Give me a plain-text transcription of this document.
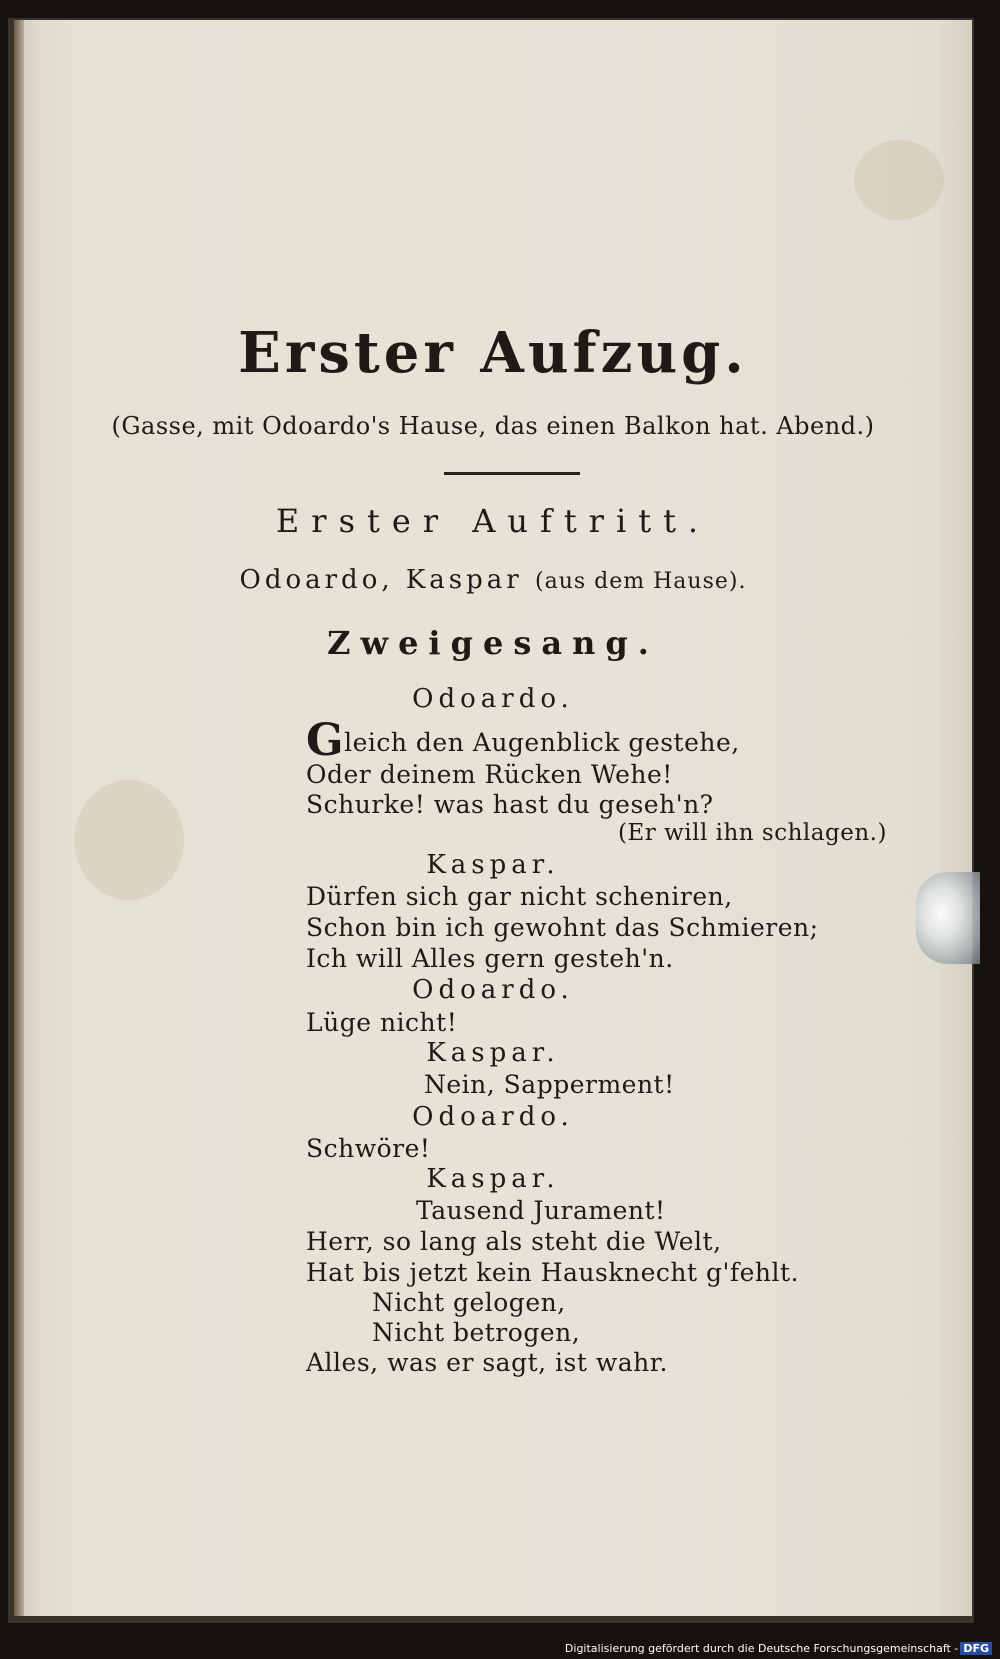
Erster Aufzug.
(Gasse, mit Odoardo's Hause, das einen Balkon hat. Abend.)
Erster Auftritt.
Odoardo, Kaspar (aus dem Hause).
Zweigesang.
Odoardo.
Gleich den Augenblick gestehe,
Oder deinem Rücken Wehe!
Schurke! was hast du geseh'n?
(Er will ihn schlagen.)
Kaspar.
Dürfen sich gar nicht scheniren,
Schon bin ich gewohnt das Schmieren;
Ich will Alles gern gesteh'n.
Odoardo.
Lüge nicht!
Kaspar.
Nein, Sapperment!
Odoardo.
Schwöre!
Kaspar.
Tausend Jurament!
Herr, so lang als steht die Welt,
Hat bis jetzt kein Hausknecht g'fehlt.
Nicht gelogen,
Nicht betrogen,
Alles, was er sagt, ist wahr.
Digitalisierung gefördert durch die Deutsche Forschungsgemeinschaft - DFG
